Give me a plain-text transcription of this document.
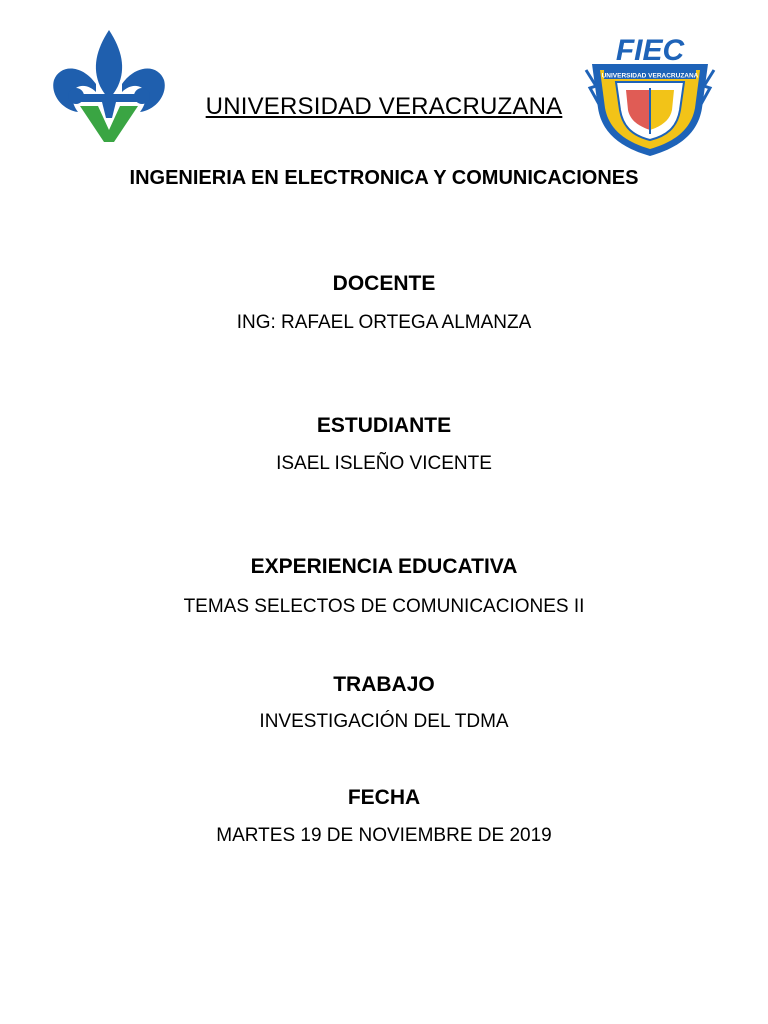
UNIVERSIDAD VERACRUZANA
FIEC
UNIVERSIDAD VERACRUZANA
INGENIERIA EN ELECTRONICA Y COMUNICACIONES
DOCENTE
ING: RAFAEL ORTEGA ALMANZA
ESTUDIANTE
ISAEL ISLEÑO VICENTE
EXPERIENCIA EDUCATIVA
TEMAS SELECTOS DE COMUNICACIONES II
TRABAJO
INVESTIGACIÓN DEL TDMA
FECHA
MARTES 19 DE NOVIEMBRE DE 2019
